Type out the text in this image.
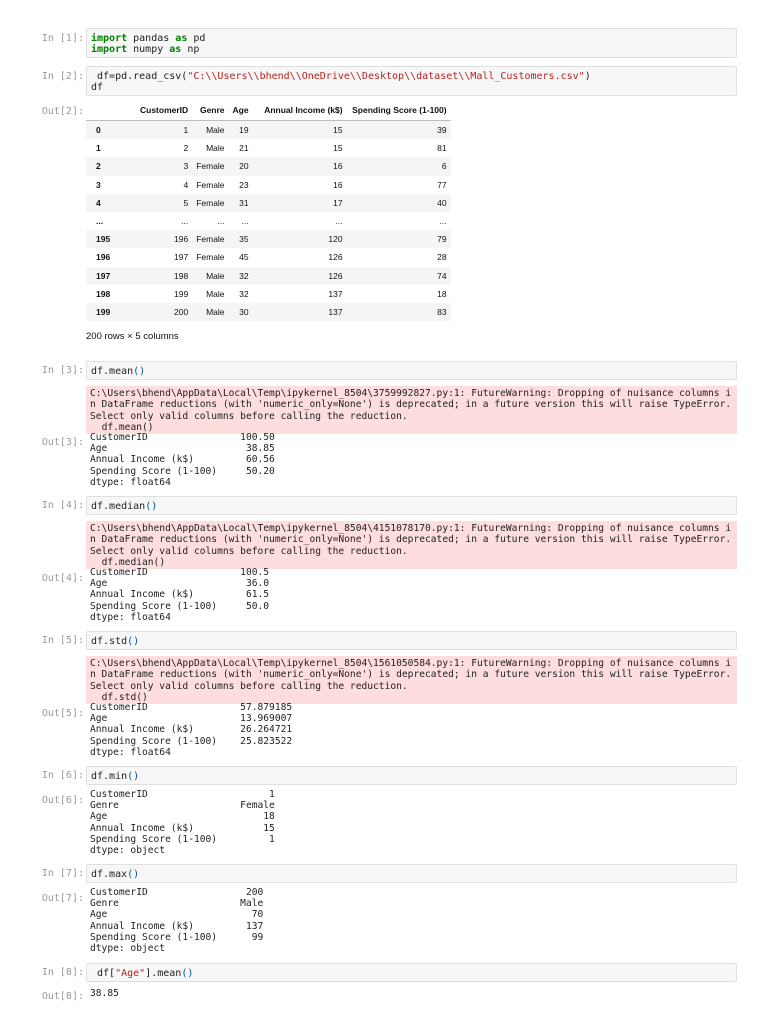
In [1]: import pandas as pd
import numpy as np
In [2]: df=pd.read_csv("C:\\Users\\bhend\\OneDrive\\Desktop\\dataset\\Mall_Customers.csv")
df
Out[2]:
		CustomerID	Genre	Age	Annual Income (k$)	Spending Score (1-100)
0	1	Male	19	15	39
1	2	Male	21	15	81
2	3	Female	20	16	6
3	4	Female	23	16	77
4	5	Female	31	17	40
...	...	...	...	...	...
195	196	Female	35	120	79
196	197	Female	45	126	28
197	198	Male	32	126	74
198	199	Male	32	137	18
199	200	Male	30	137	83
200 rows × 5 columns
In [3]: df.mean()
C:\Users\bhend\AppData\Local\Temp\ipykernel_8504\3759992827.py:1: FutureWarning: Dropping of nuisance columns in DataFrame reductions (with 'numeric_only=None') is deprecated; in a future version this will raise TypeError.  Select only valid columns before calling the reduction.
df.mean()
Out[3]: CustomerID                100.50
Age                        38.85
Annual Income (k$)         60.56
Spending Score (1-100)     50.20
dtype: float64
In [4]: df.median()
C:\Users\bhend\AppData\Local\Temp\ipykernel_8504\4151078170.py:1: FutureWarning: Dropping of nuisance columns in DataFrame reductions (with 'numeric_only=None') is deprecated; in a future version this will raise TypeError.  Select only valid columns before calling the reduction.
df.median()
Out[4]:
CustomerID                100.5
Age                        36.0
Annual Income (k$)         61.5
Spending Score (1-100)     50.0
dtype: float64
In [5]: df.std()
C:\Users\bhend\AppData\Local\Temp\ipykernel_8504\1561050584.py:1: FutureWarning: Dropping of nuisance columns in DataFrame reductions (with 'numeric_only=None') is deprecated; in a future version this will raise TypeError.  Select only valid columns before calling the reduction.
df.std()
Out[5]:
CustomerID                57.879185
Age                       13.969007
Annual Income (k$)        26.264721
Spending Score (1-100)    25.823522
dtype: float64
In [6]: df.min()
Out[6]:
CustomerID                     1
Genre                     Female
Age                           18
Annual Income (k$)            15
Spending Score (1-100)         1
dtype: object
In [7]: df.max()
Out[7]:
CustomerID                 200
Genre                     Male
Age                         70
Annual Income (k$)         137
Spending Score (1-100)      99
dtype: object
In [8]: df["Age"].mean()
Out[8]: 38.85
